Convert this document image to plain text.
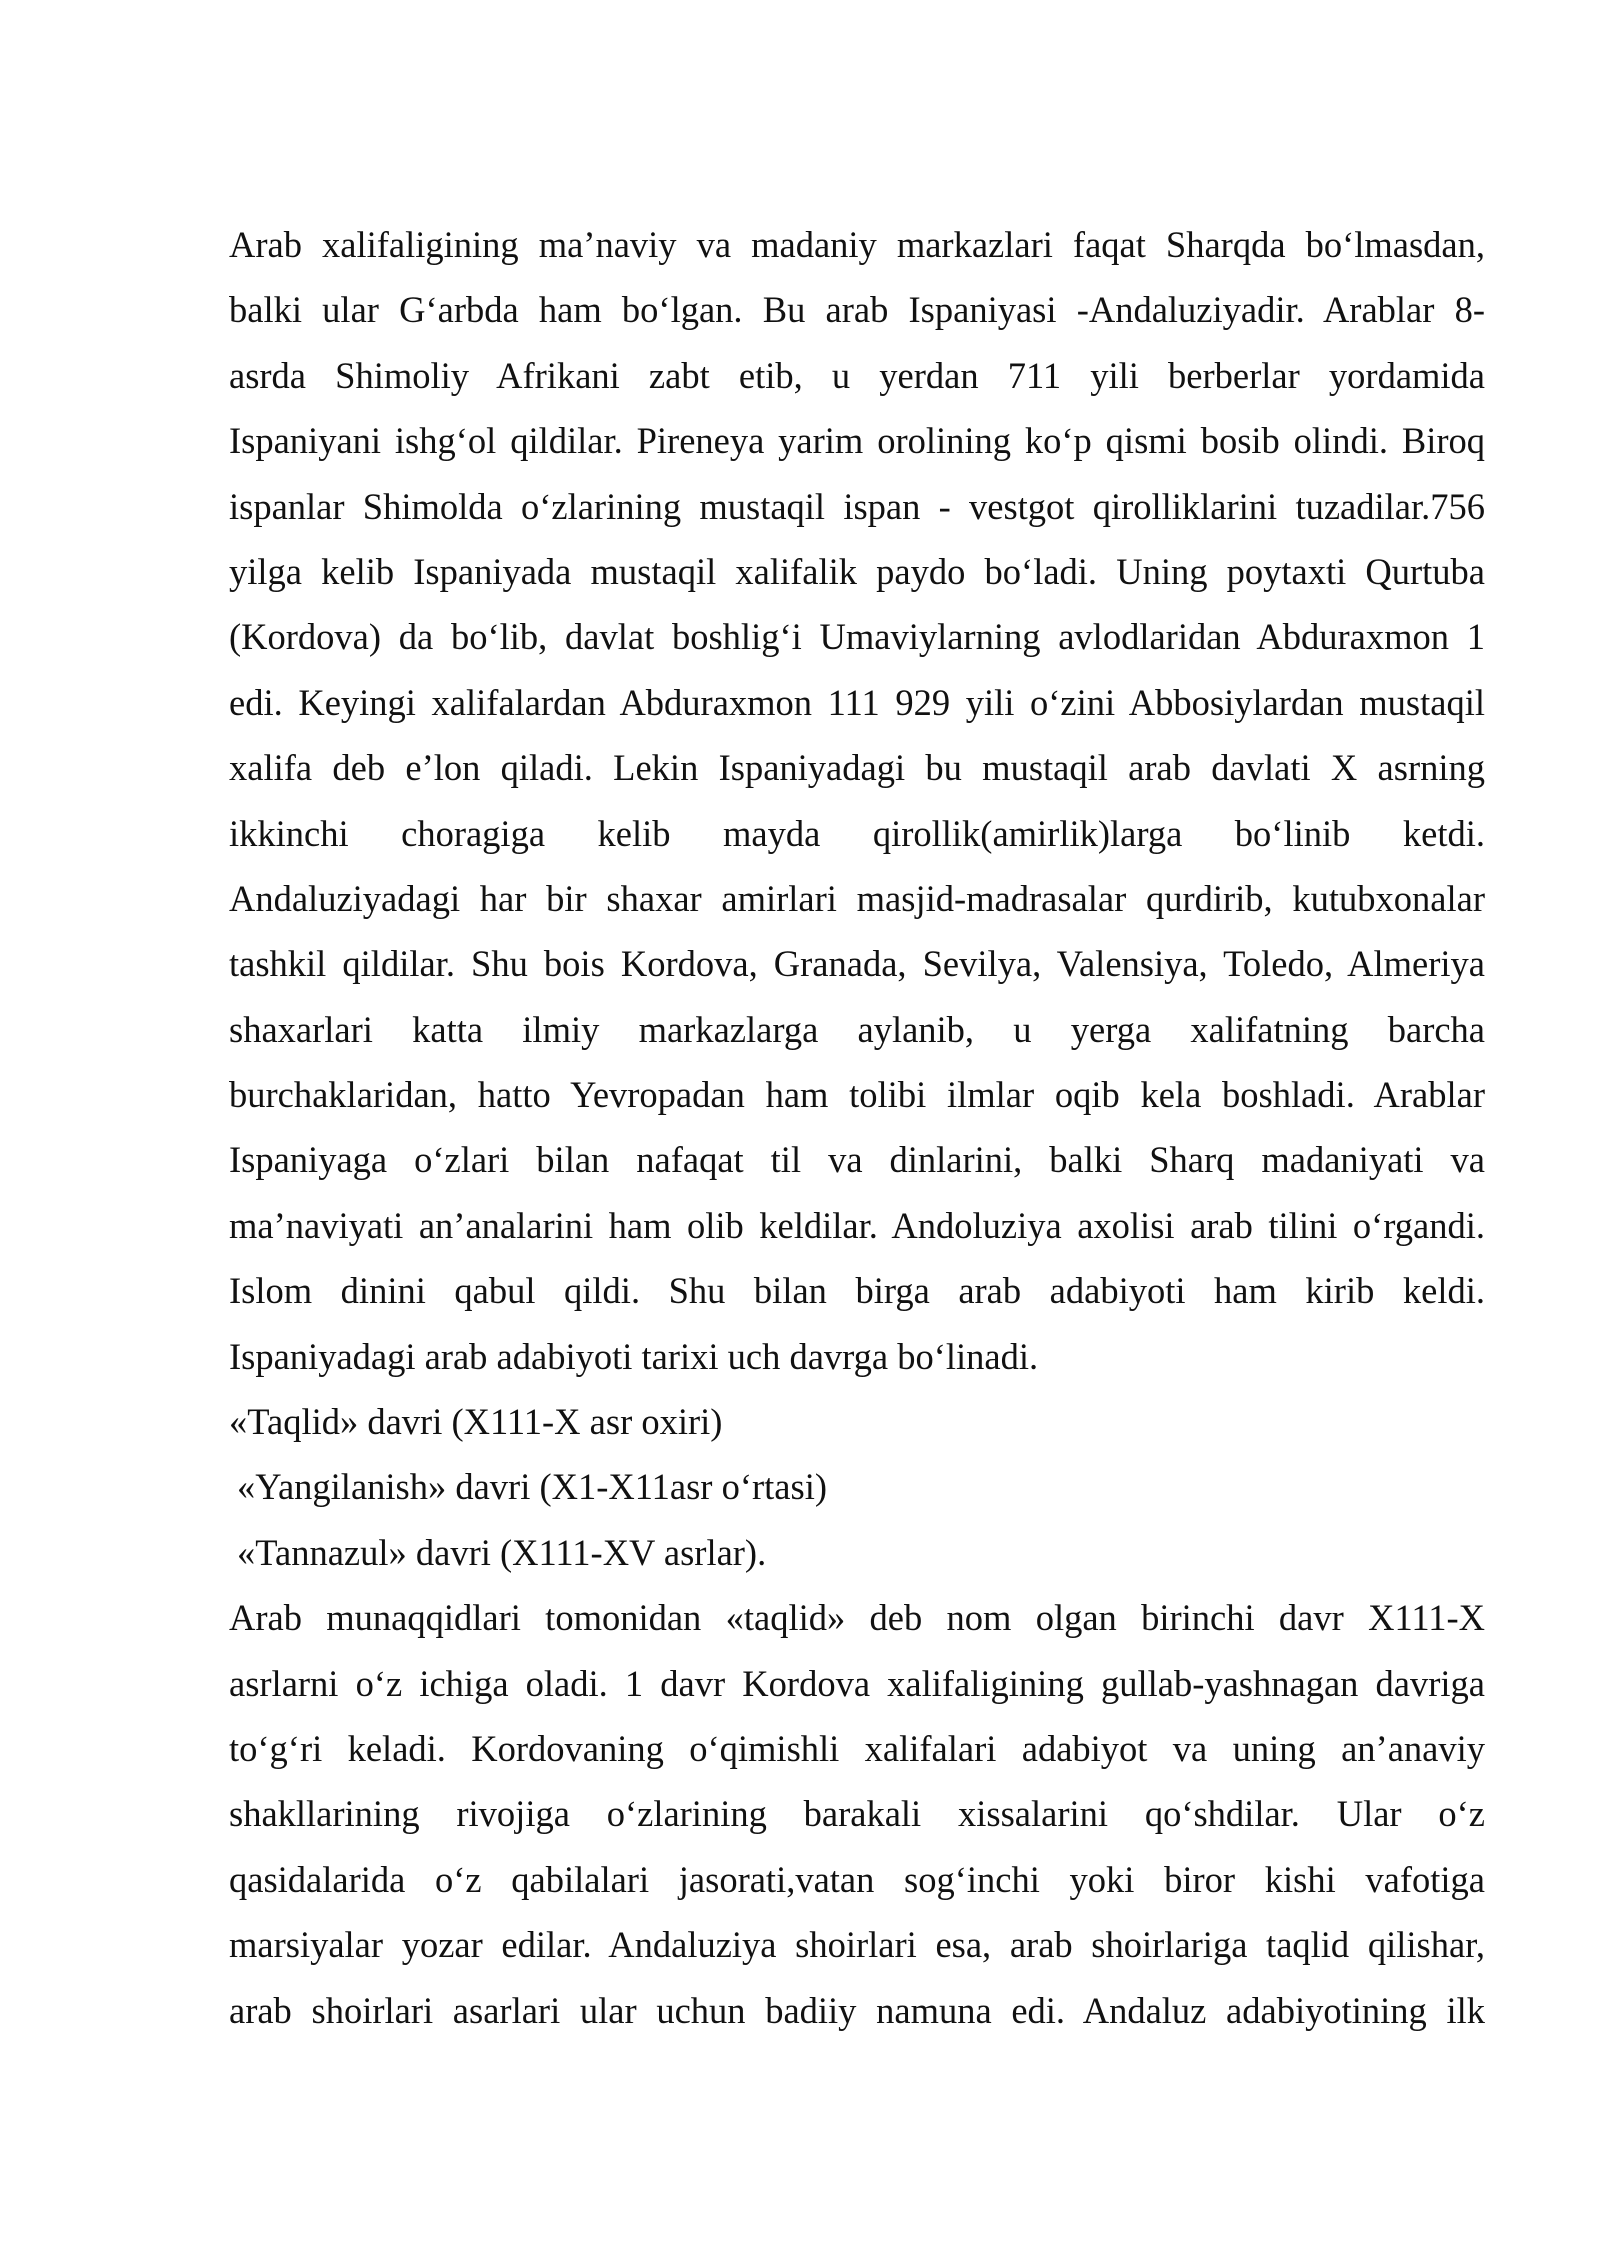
Arab xalifaligining ma’naviy va madaniy markazlari faqat Sharqda bo‘lmasdan,
balki ular G‘arbda ham bo‘lgan. Bu arab Ispaniyasi -Andaluziyadir. Arablar 8-
asrda Shimoliy Afrikani zabt etib, u yerdan 711 yili berberlar yordamida
Ispaniyani ishg‘ol qildilar. Pireneya yarim orolining ko‘p qismi bosib olindi. Biroq
ispanlar Shimolda o‘zlarining mustaqil ispan - vestgot qirolliklarini tuzadilar.756
yilga kelib Ispaniyada mustaqil xalifalik paydo bo‘ladi. Uning poytaxti Qurtuba
(Kordova) da bo‘lib, davlat boshlig‘i Umaviylarning avlodlaridan Abduraxmon 1
edi. Keyingi xalifalardan Abduraxmon 111 929 yili o‘zini Abbosiylardan mustaqil
xalifa deb e’lon qiladi. Lekin Ispaniyadagi bu mustaqil arab davlati X asrning
ikkinchi choragiga kelib mayda qirollik(amirlik)larga bo‘linib ketdi.
Andaluziyadagi har bir shaxar amirlari masjid-madrasalar qurdirib, kutubxonalar
tashkil qildilar. Shu bois Kordova, Granada, Sevilya, Valensiya, Toledo, Almeriya
shaxarlari katta ilmiy markazlarga aylanib, u yerga xalifatning barcha
burchaklaridan, hatto Yevropadan ham tolibi ilmlar oqib kela boshladi. Arablar
Ispaniyaga o‘zlari bilan nafaqat til va dinlarini, balki Sharq madaniyati va
ma’naviyati an’analarini ham olib keldilar. Andoluziya axolisi arab tilini o‘rgandi.
Islom dinini qabul qildi. Shu bilan birga arab adabiyoti ham kirib keldi.
Ispaniyadagi arab adabiyoti tarixi uch davrga bo‘linadi.
«Taqlid» davri (X111-X asr oxiri)
«Yangilanish» davri (X1-X11asr o‘rtasi)
«Tannazul» davri (X111-XV asrlar).
Arab munaqqidlari tomonidan «taqlid» deb nom olgan birinchi davr X111-X
asrlarni o‘z ichiga oladi. 1 davr Kordova xalifaligining gullab-yashnagan davriga
to‘g‘ri keladi. Kordovaning o‘qimishli xalifalari adabiyot va uning an’anaviy
shakllarining rivojiga o‘zlarining barakali xissalarini qo‘shdilar. Ular o‘z
qasidalarida o‘z qabilalari jasorati,vatan sog‘inchi yoki biror kishi vafotiga
marsiyalar yozar edilar. Andaluziya shoirlari esa, arab shoirlariga taqlid qilishar,
arab shoirlari asarlari ular uchun badiiy namuna edi. Andaluz adabiyotining ilk
